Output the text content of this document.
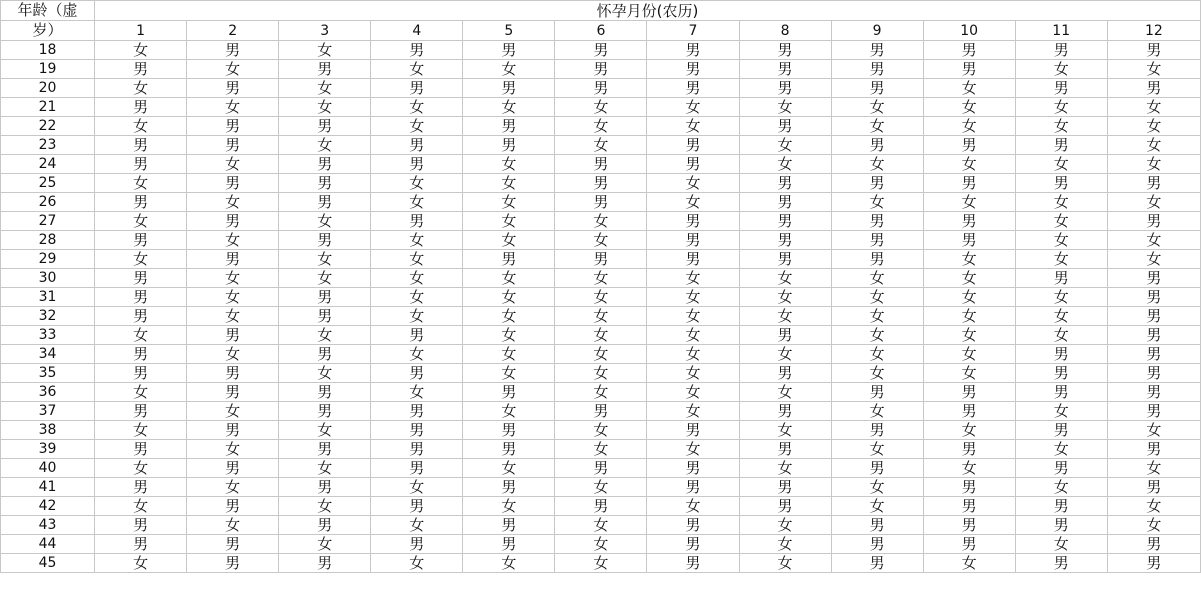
年龄（虚	怀孕月份(农历)											
岁）	1	2	3	4	5	6	7	8	9	10	11	12
18	女	男	女	男	男	男	男	男	男	男	男	男
19	男	女	男	女	女	男	男	男	男	男	女	女
20	女	男	女	男	男	男	男	男	男	女	男	男
21	男	女	女	女	女	女	女	女	女	女	女	女
22	女	男	男	女	男	女	女	男	女	女	女	女
23	男	男	女	男	男	女	男	女	男	男	男	女
24	男	女	男	男	女	男	男	女	女	女	女	女
25	女	男	男	女	女	男	女	男	男	男	男	男
26	男	女	男	女	女	男	女	男	女	女	女	女
27	女	男	女	男	女	女	男	男	男	男	女	男
28	男	女	男	女	女	女	男	男	男	男	女	女
29	女	男	女	女	男	男	男	男	男	女	女	女
30	男	女	女	女	女	女	女	女	女	女	男	男
31	男	女	男	女	女	女	女	女	女	女	女	男
32	男	女	男	女	女	女	女	女	女	女	女	男
33	女	男	女	男	女	女	女	男	女	女	女	男
34	男	女	男	女	女	女	女	女	女	女	男	男
35	男	男	女	男	女	女	女	男	女	女	男	男
36	女	男	男	女	男	女	女	女	男	男	男	男
37	男	女	男	男	女	男	女	男	女	男	女	男
38	女	男	女	男	男	女	男	女	男	女	男	女
39	男	女	男	男	男	女	女	男	女	男	女	男
40	女	男	女	男	女	男	男	女	男	女	男	女
41	男	女	男	女	男	女	男	男	女	男	女	男
42	女	男	女	男	女	男	女	男	女	男	男	女
43	男	女	男	女	男	女	男	女	男	男	男	女
44	男	男	女	男	男	女	男	女	男	男	女	男
45	女	男	男	女	女	女	男	女	男	女	男	男
